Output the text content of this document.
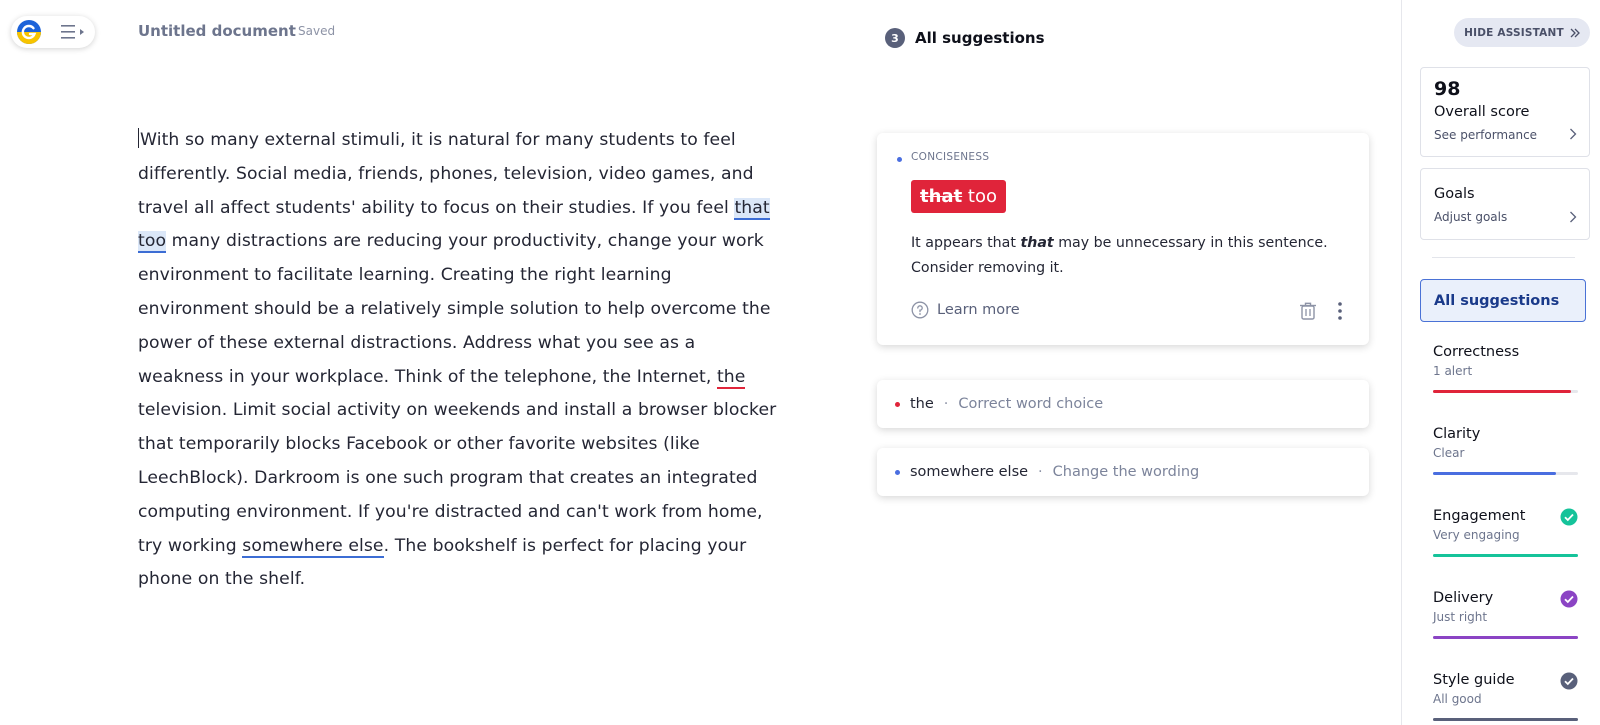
Untitled document Saved
With so many external stimuli, it is natural for many students to feel differently. Social media, friends, phones, television, video games, and travel all affect students' ability to focus on their studies. If you feel that too many distractions are reducing your productivity, change your work environment to facilitate learning. Creating the right learning environment should be a relatively simple solution to help overcome the power of these external distractions. Address what you see as a weakness in your workplace. Think of the telephone, the Internet, the television. Limit social activity on weekends and install a browser blocker that temporarily blocks Facebook or other favorite websites (like LeechBlock). Darkroom is one such program that creates an integrated computing environment. If you're distracted and can't work from home, try working somewhere else. The bookshelf is perfect for placing your phone on the shelf.
3	All suggestions
CONCISENESS
that too
It appears that that may be unnecessary in this sentence. Consider removing it.
Learn more
the · Correct word choice
somewhere else · Change the wording
HIDE ASSISTANT
98
Overall score
See performance
Goals
Adjust goals
All suggestions
Correctness
1 alert
Clarity
Clear
Engagement
Very engaging
Delivery
Just right
Style guide
All good
